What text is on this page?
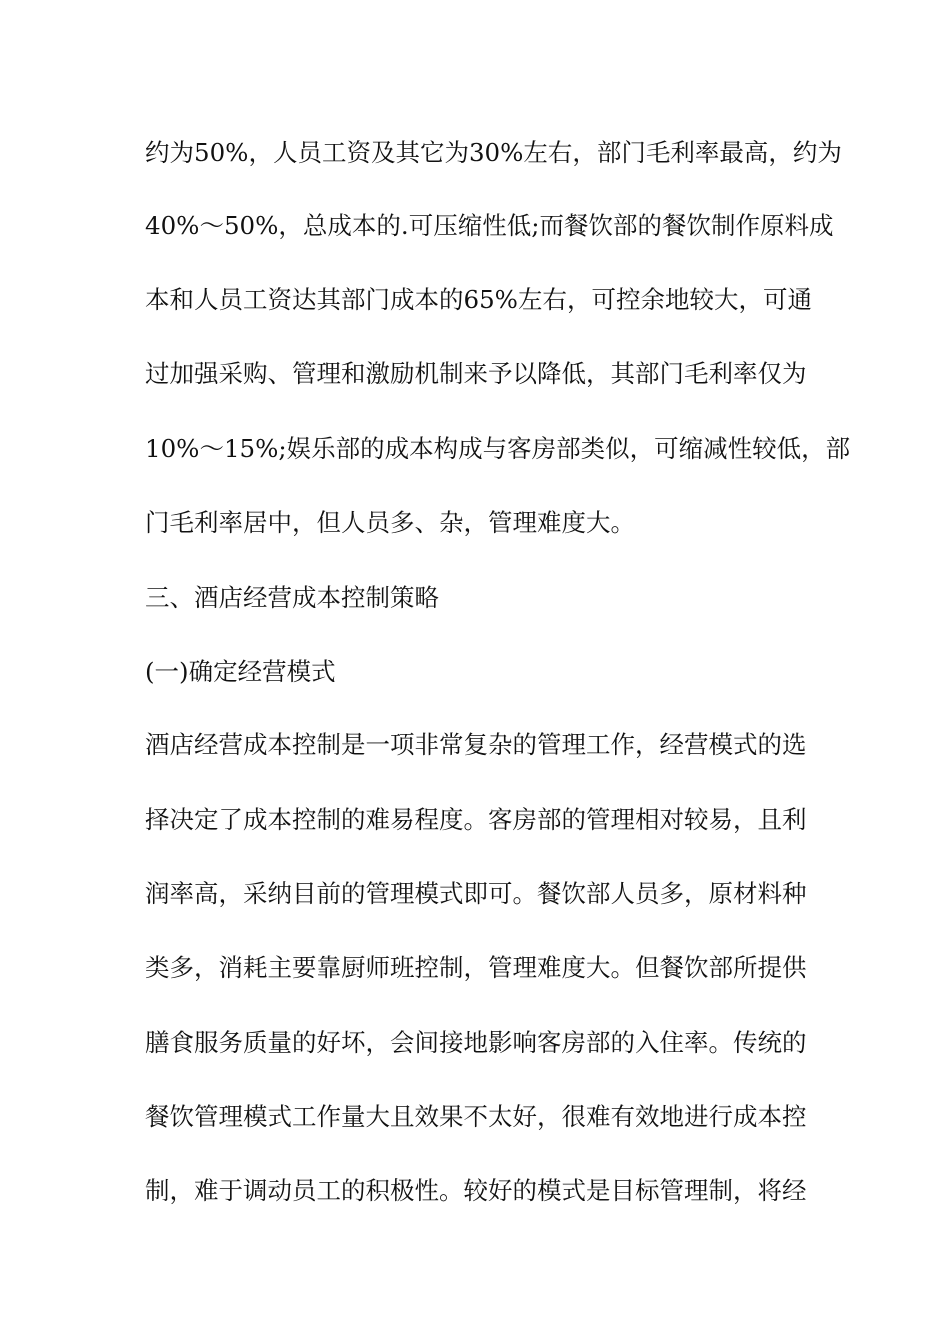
约为50%，人员工资及其它为30%左右，部门毛利率最高，约为
40%～50%，总成本的.可压缩性低;而餐饮部的餐饮制作原料成
本和人员工资达其部门成本的65%左右，可控余地较大，可通
过加强采购、管理和激励机制来予以降低，其部门毛利率仅为
10%～15%;娱乐部的成本构成与客房部类似，可缩减性较低，部
门毛利率居中，但人员多、杂，管理难度大。
三、酒店经营成本控制策略
(一)确定经营模式
酒店经营成本控制是一项非常复杂的管理工作，经营模式的选
择决定了成本控制的难易程度。客房部的管理相对较易，且利
润率高，采纳目前的管理模式即可。餐饮部人员多，原材料种
类多，消耗主要靠厨师班控制，管理难度大。但餐饮部所提供
膳食服务质量的好坏，会间接地影响客房部的入住率。传统的
餐饮管理模式工作量大且效果不太好，很难有效地进行成本控
制，难于调动员工的积极性。较好的模式是目标管理制，将经
